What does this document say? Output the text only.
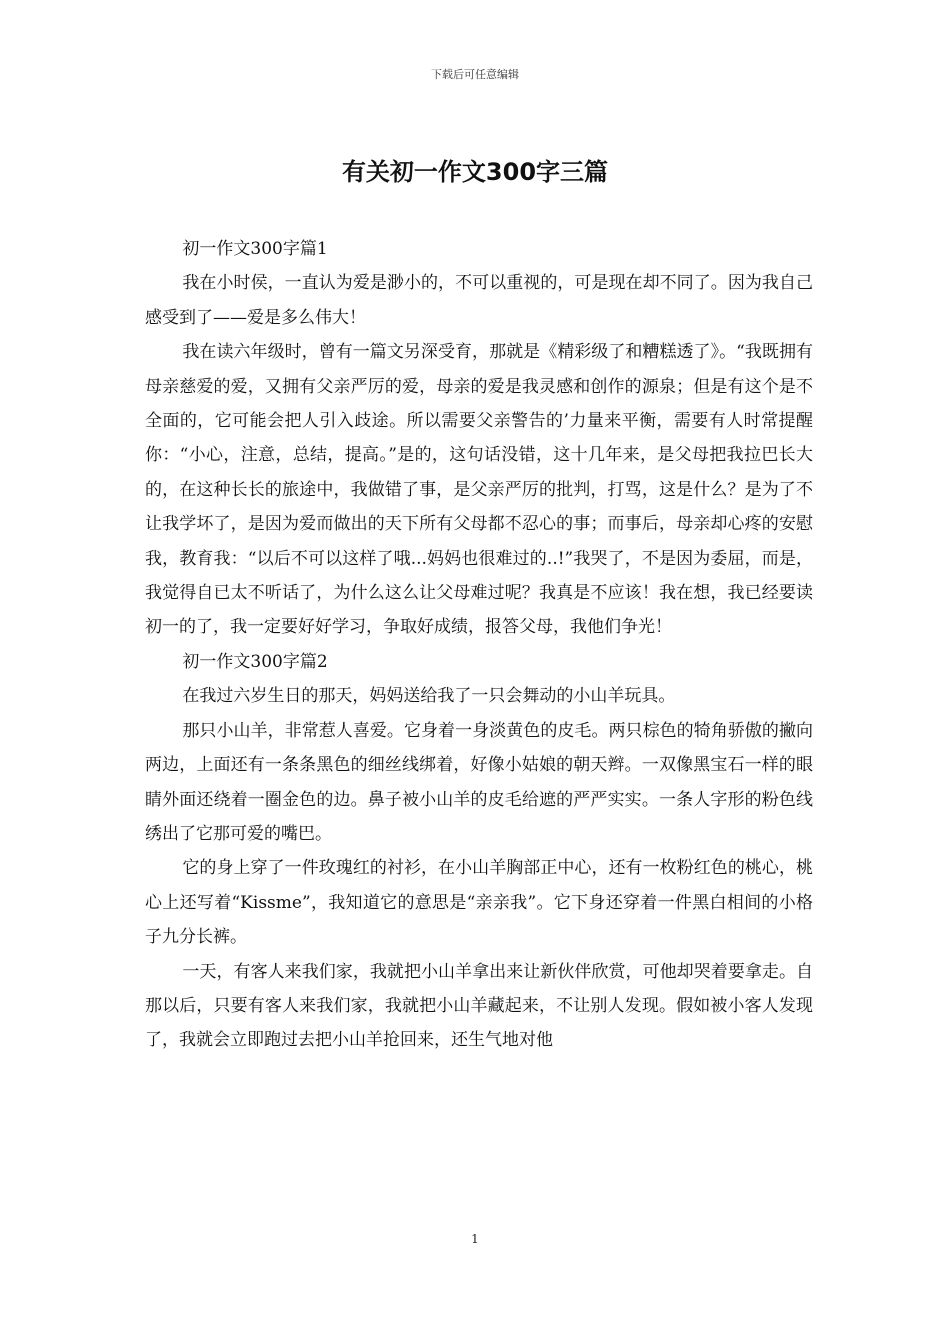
下载后可任意编辑
有关初一作文300字三篇

初一作文300字篇1

我在小时侯，一直认为爱是渺小的，不可以重视的，可是现在却不同了。因为我自己感受到了——爱是多么伟大！

我在读六年级时，曾有一篇文另深受育，那就是《精彩级了和糟糕透了》。“我既拥有母亲慈爱的爱，又拥有父亲严厉的爱，母亲的爱是我灵感和创作的源泉；但是有这个是不全面的，它可能会把人引入歧途。所以需要父亲警告的’力量来平衡，需要有人时常提醒你：“小心，注意，总结，提高。”是的，这句话没错，这十几年来，是父母把我拉巴长大的，在这种长长的旅途中，我做错了事，是父亲严厉的批判，打骂，这是什么？是为了不让我学坏了，是因为爱而做出的天下所有父母都不忍心的事；而事后，母亲却心疼的安慰我，教育我：“以后不可以这样了哦...妈妈也很难过的..!”我哭了，不是因为委屈，而是，我觉得自已太不听话了，为什么这么让父母难过呢？我真是不应该！我在想，我已经要读初一的了，我一定要好好学习，争取好成绩，报答父母，我他们争光！

初一作文300字篇2

在我过六岁生日的那天，妈妈送给我了一只会舞动的小山羊玩具。

那只小山羊，非常惹人喜爱。它身着一身淡黄色的皮毛。两只棕色的犄角骄傲的撇向两边，上面还有一条条黑色的细丝线绑着，好像小姑娘的朝天辫。一双像黑宝石一样的眼睛外面还绕着一圈金色的边。鼻子被小山羊的皮毛给遮的严严实实。一条人字形的粉色线绣出了它那可爱的嘴巴。

它的身上穿了一件玫瑰红的衬衫，在小山羊胸部正中心，还有一枚粉红色的桃心，桃心上还写着“Kissme”，我知道它的意思是“亲亲我”。它下身还穿着一件黑白相间的小格子九分长裤。

一天，有客人来我们家，我就把小山羊拿出来让新伙伴欣赏，可他却哭着要拿走。自那以后，只要有客人来我们家，我就把小山羊藏起来，不让别人发现。假如被小客人发现了，我就会立即跑过去把小山羊抢回来，还生气地对他

1
